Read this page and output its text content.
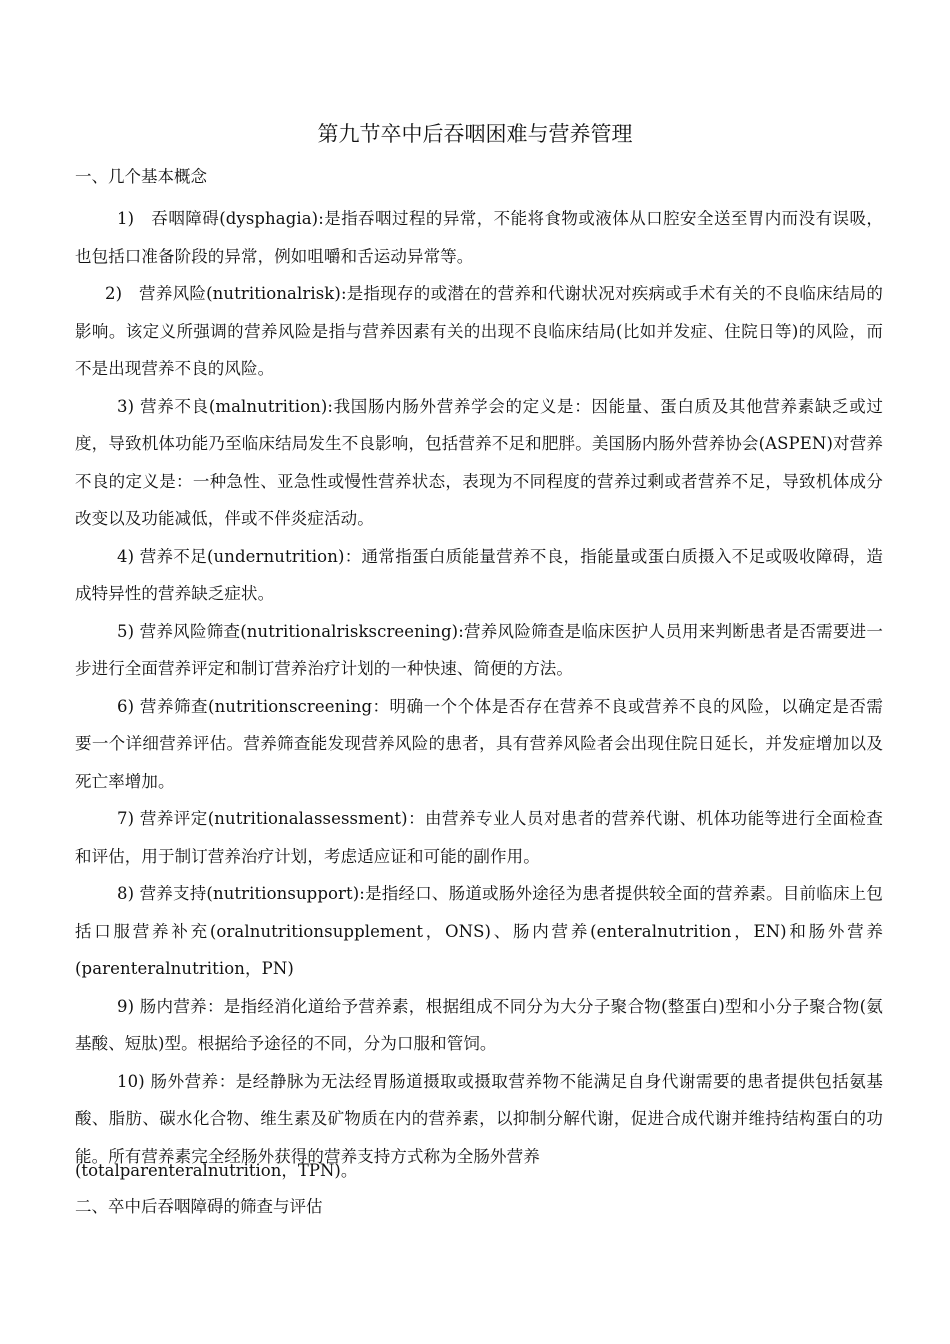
第九节卒中后吞咽困难与营养管理
一、几个基本概念

1)　吞咽障碍(dysphagia):是指吞咽过程的异常，不能将食物或液体从口腔安全送至胃内而没有误吸，也包括口准备阶段的异常，例如咀嚼和舌运动异常等。

2)　营养风险(nutritionalrisk):是指现存的或潜在的营养和代谢状况对疾病或手术有关的不良临床结局的影响。该定义所强调的营养风险是指与营养因素有关的出现不良临床结局(比如并发症、住院日等)的风险，而不是出现营养不良的风险。

3) 营养不良(malnutrition):我国肠内肠外营养学会的定义是：因能量、蛋白质及其他营养素缺乏或过度，导致机体功能乃至临床结局发生不良影响，包括营养不足和肥胖。美国肠内肠外营养协会(ASPEN)对营养不良的定义是：一种急性、亚急性或慢性营养状态，表现为不同程度的营养过剩或者营养不足，导致机体成分改变以及功能减低，伴或不伴炎症活动。

4) 营养不足(undernutrition)：通常指蛋白质能量营养不良，指能量或蛋白质摄入不足或吸收障碍，造成特异性的营养缺乏症状。

5) 营养风险筛查(nutritionalriskscreening):营养风险筛查是临床医护人员用来判断患者是否需要进一步进行全面营养评定和制订营养治疗计划的一种快速、简便的方法。

6) 营养筛查(nutritionscreening：明确一个个体是否存在营养不良或营养不良的风险，以确定是否需要一个详细营养评估。营养筛查能发现营养风险的患者，具有营养风险者会出现住院日延长，并发症增加以及死亡率增加。

7) 营养评定(nutritionalassessment)：由营养专业人员对患者的营养代谢、机体功能等进行全面检查和评估，用于制订营养治疗计划，考虑适应证和可能的副作用。

8) 营养支持(nutritionsupport):是指经口、肠道或肠外途径为患者提供较全面的营养素。目前临床上包括口服营养补充(oralnutritionsupplement，ONS)、肠内营养(enteralnutrition，EN)和肠外营养(parenteralnutrition，PN)

9) 肠内营养：是指经消化道给予营养素，根据组成不同分为大分子聚合物(整蛋白)型和小分子聚合物(氨基酸、短肽)型。根据给予途径的不同，分为口服和管饲。

10) 肠外营养：是经静脉为无法经胃肠道摄取或摄取营养物不能满足自身代谢需要的患者提供包括氨基酸、脂肪、碳水化合物、维生素及矿物质在内的营养素，以抑制分解代谢，促进合成代谢并维持结构蛋白的功能。所有营养素完全经肠外获得的营养支持方式称为全肠外营养

(totalparenteralnutrition，TPN)。
二、卒中后吞咽障碍的筛查与评估
